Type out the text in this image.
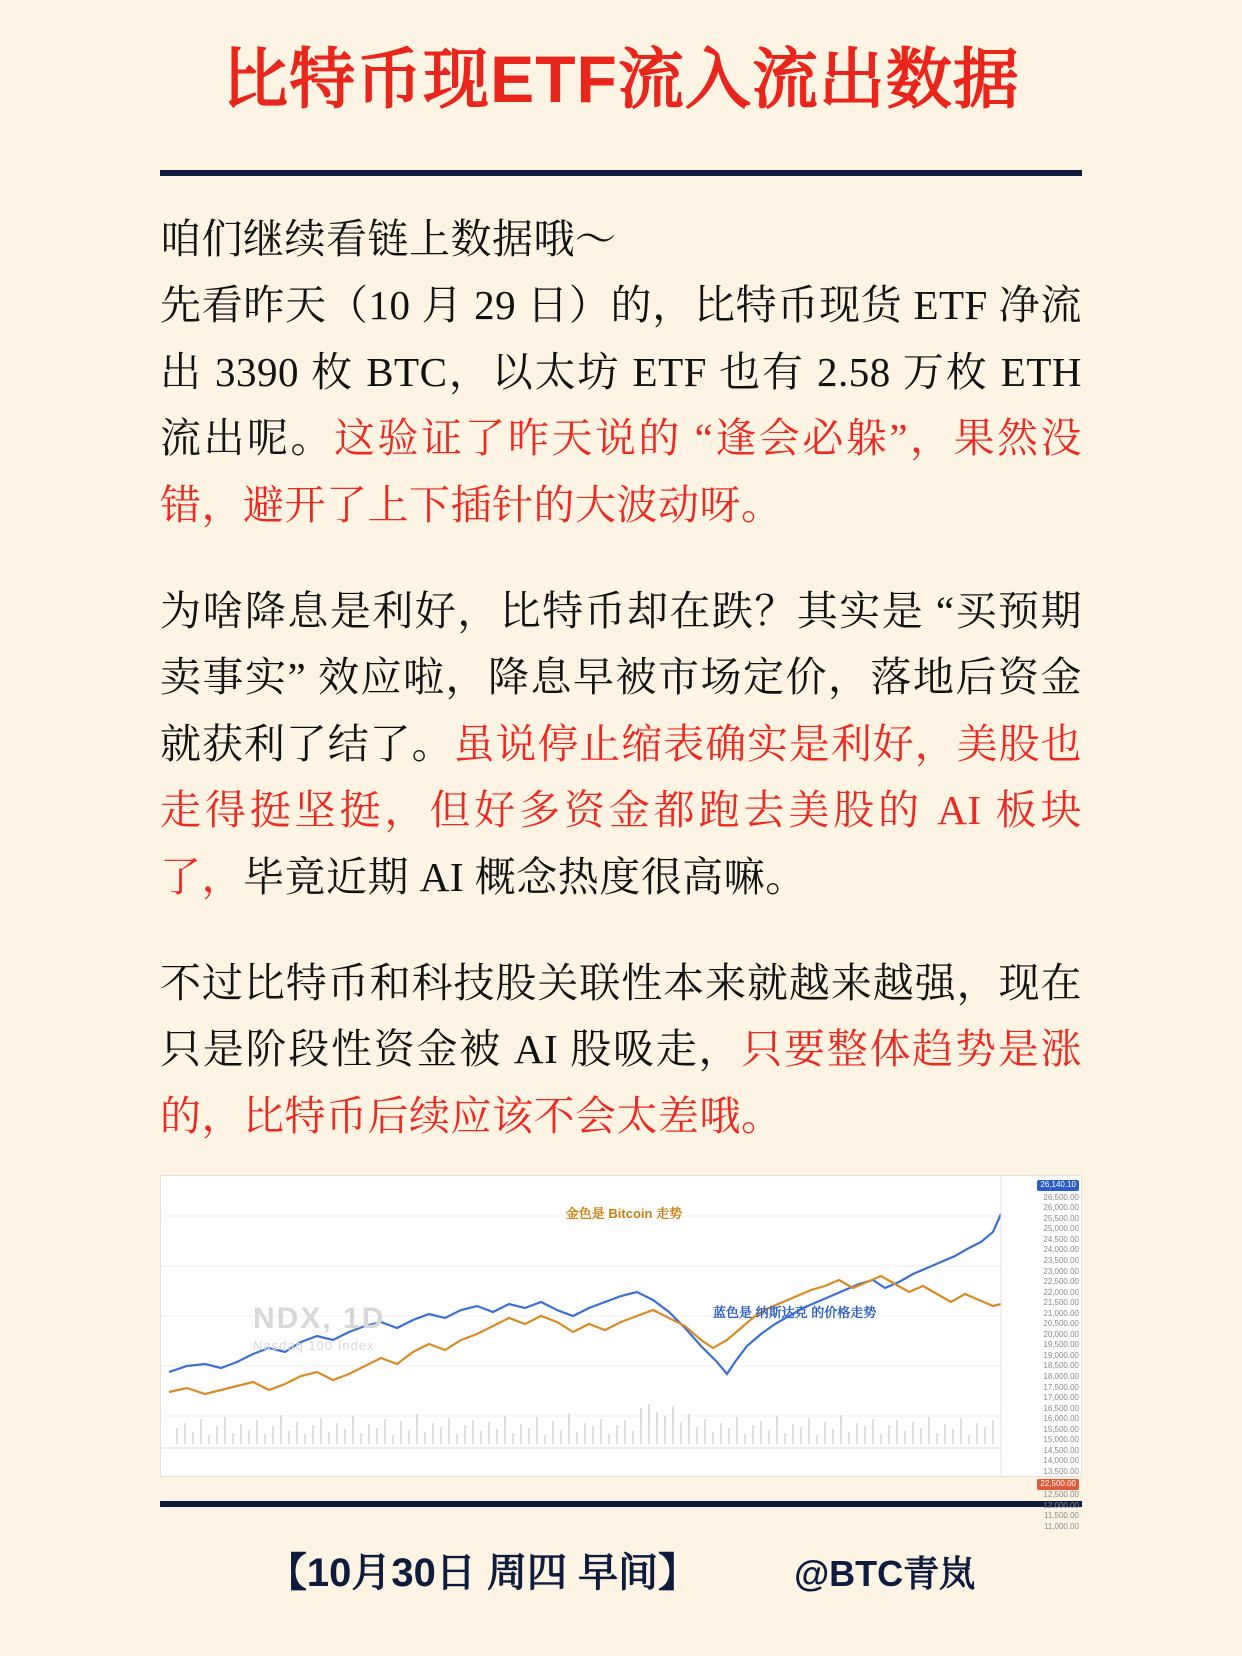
比特币现ETF流入流出数据
咱们继续看链上数据哦～
先看昨天（10 月 29 日）的，比特币现货 ETF 净流出 3390 枚 BTC，以太坊 ETF 也有 2.58 万枚 ETH 流出呢。这验证了昨天说的 “逢会必躲”，果然没错，避开了上下插针的大波动呀。
为啥降息是利好，比特币却在跌？其实是 “买预期卖事实” 效应啦，降息早被市场定价，落地后资金就获利了结了。虽说停止缩表确实是利好，美股也走得挺坚挺，但好多资金都跑去美股的 AI 板块了，毕竟近期 AI 概念热度很高嘛。
不过比特币和科技股关联性本来就越来越强，现在只是阶段性资金被 AI 股吸走，只要整体趋势是涨的，比特币后续应该不会太差哦。
NDX, 1D
Nasdaq 100 Index
金色是 Bitcoin 走势
蓝色是 纳斯达克 的价格走势
26,140.10
26,500.00
26,000.00
25,500.00
25,000.00
24,500.00
24,000.00
23,500.00
23,000.00
22,500.00
22,000.00
21,500.00
21,000.00
20,500.00
20,000.00
19,500.00
19,000.00
18,500.00
18,000.00
17,500.00
17,000.00
16,500.00
16,000.00
15,500.00
15,000.00
14,500.00
14,000.00
13,500.00
22,500.00
12,500.00
12,000.00
11,500.00
11,000.00
【10月30日 周四 早间】	@BTC青岚
